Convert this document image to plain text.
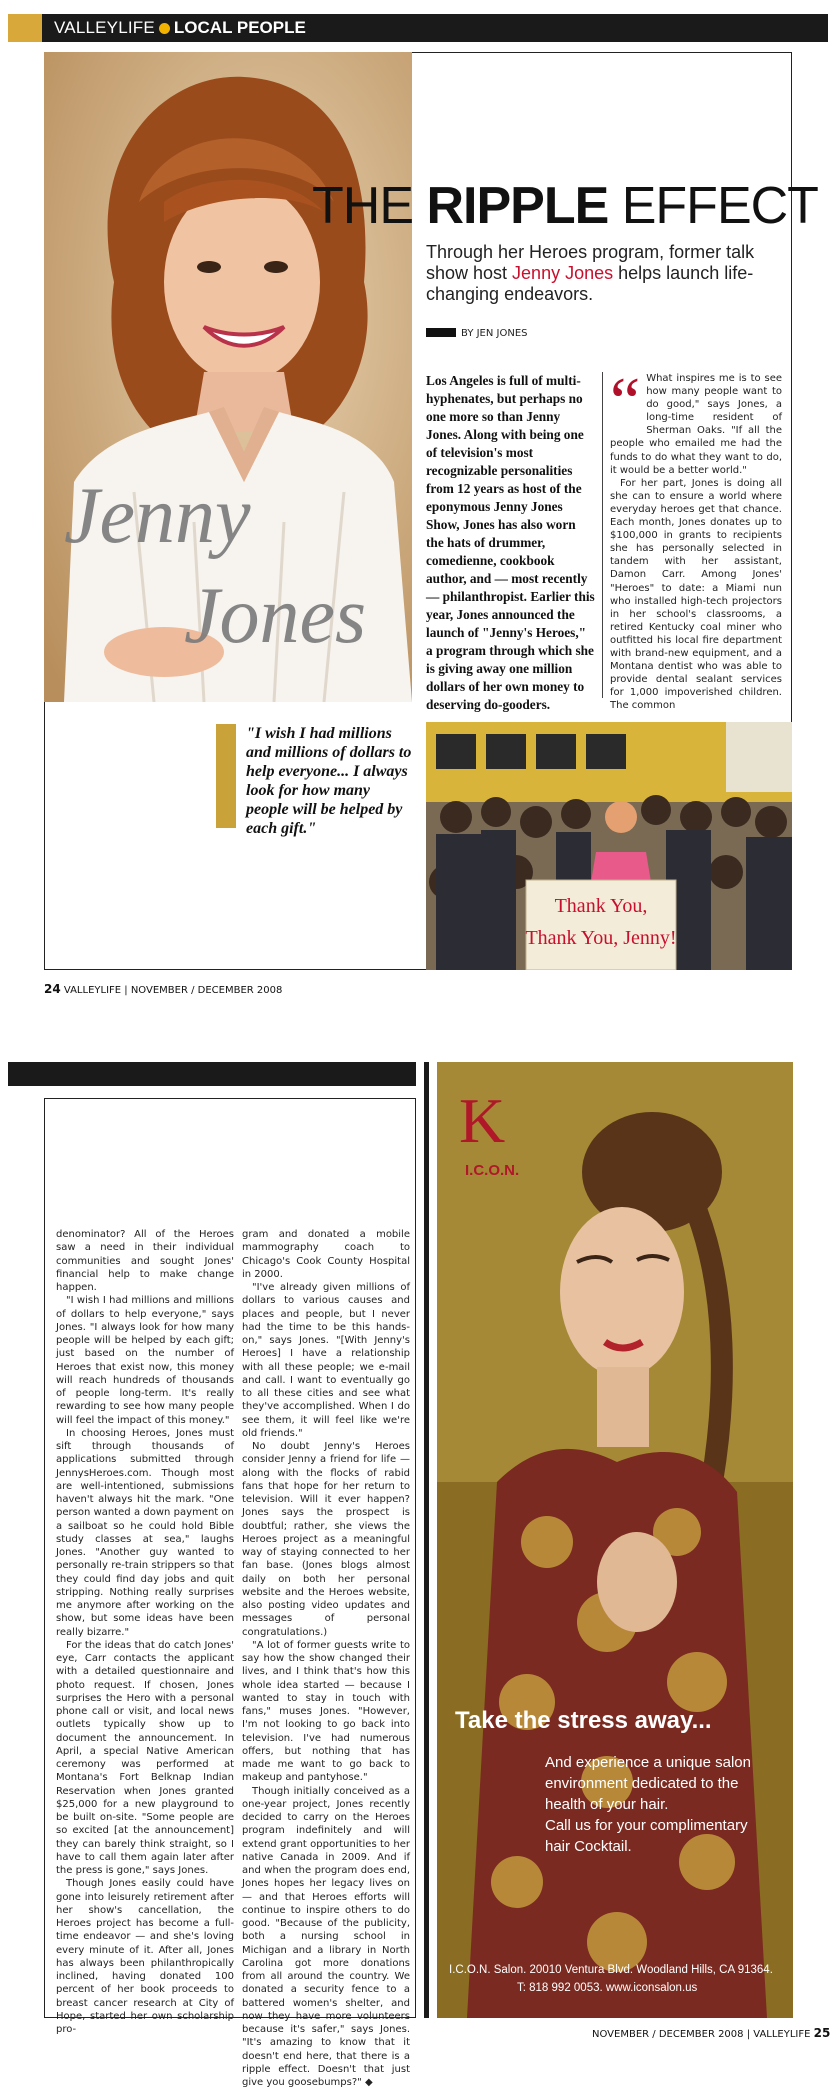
VALLEYLIFE LOCAL PEOPLE
Jenny
Jones
THE RIPPLE EFFECT
Through her Heroes program, former talk show host Jenny Jones helps launch life-changing endeavors.
BY JEN JONES
Los Angeles is full of multi-hyphenates, but perhaps no one more so than Jenny Jones. Along with being one of television's most recognizable personalities from 12 years as host of the eponymous Jenny Jones Show, Jones has also worn the hats of drummer, comedienne, cookbook author, and — most recently — philanthropist. Earlier this year, Jones announced the launch of "Jenny's Heroes," a program through which she is giving away one million dollars of her own money to deserving do-gooders.
“ What inspires me is to see how many people want to do good," says Jones, a long-time resident of Sherman Oaks. "If all the people who emailed me had the funds to do what they want to do, it would be a better world."

For her part, Jones is doing all she can to ensure a world where everyday heroes get that chance. Each month, Jones donates up to $100,000 in grants to recipients she has personally selected in tandem with her assistant, Damon Carr. Among Jones' "Heroes" to date: a Miami nun who installed high-tech projectors in her school's classrooms, a retired Kentucky coal miner who outfitted his local fire department with brand-new equipment, and a Montana dentist who was able to provide dental sealant services for 1,000 impoverished children. The common

"I wish I had millions and millions of dollars to help everyone... I always look for how many people will be helped by each gift."
Thank You,
Thank You, Jenny!
24 VALLEYLIFE | NOVEMBER / DECEMBER 2008

denominator? All of the Heroes saw a need in their individual communities and sought Jones' financial help to make change happen.

"I wish I had millions and millions of dollars to help everyone," says Jones. "I always look for how many people will be helped by each gift; just based on the number of Heroes that exist now, this money will reach hundreds of thousands of people long-term. It's really rewarding to see how many people will feel the impact of this money."

In choosing Heroes, Jones must sift through thousands of applications submitted through JennysHeroes.com. Though most are well-intentioned, submissions haven't always hit the mark. "One person wanted a down payment on a sailboat so he could hold Bible study classes at sea," laughs Jones. "Another guy wanted to personally re-train strippers so that they could find day jobs and quit stripping. Nothing really surprises me anymore after working on the show, but some ideas have been really bizarre."

For the ideas that do catch Jones' eye, Carr contacts the applicant with a detailed questionnaire and photo request. If chosen, Jones surprises the Hero with a personal phone call or visit, and local news outlets typically show up to document the announcement. In April, a special Native American ceremony was performed at Montana's Fort Belknap Indian Reservation when Jones granted $25,000 for a new playground to be built on-site. "Some people are so excited [at the announcement] they can barely think straight, so I have to call them again later after the press is gone," says Jones.

Though Jones easily could have gone into leisurely retirement after her show's cancellation, the Heroes project has become a full-time endeavor — and she's loving every minute of it. After all, Jones has always been philanthropically inclined, having donated 100 percent of her book proceeds to breast cancer research at City of Hope, started her own scholarship pro-

gram and donated a mobile mammography coach to Chicago's Cook County Hospital in 2000.

"I've already given millions of dollars to various causes and places and people, but I never had the time to be this hands-on," says Jones. "[With Jenny's Heroes] I have a relationship with all these people; we e-mail and call. I want to eventually go to all these cities and see what they've accomplished. When I do see them, it will feel like we're old friends."

No doubt Jenny's Heroes consider Jenny a friend for life — along with the flocks of rabid fans that hope for her return to television. Will it ever happen? Jones says the prospect is doubtful; rather, she views the Heroes project as a meaningful way of staying connected to her fan base. (Jones blogs almost daily on both her personal website and the Heroes website, also posting video updates and messages of personal congratulations.)

"A lot of former guests write to say how the show changed their lives, and I think that's how this whole idea started — because I wanted to stay in touch with fans," muses Jones. "However, I'm not looking to go back into television. I've had numerous offers, but nothing that has made me want to go back to makeup and pantyhose."

Though initially conceived as a one-year project, Jones recently decided to carry on the Heroes program indefinitely and will extend grant opportunities to her native Canada in 2009. And if and when the program does end, Jones hopes her legacy lives on — and that Heroes efforts will continue to inspire others to do good. "Because of the publicity, both a nursing school in Michigan and a library in North Carolina got more donations from all around the country. We donated a security fence to a battered women's shelter, and now they have more volunteers because it's safer," says Jones. "It's amazing to know that it doesn't end here, that there is a ripple effect. Doesn't that just give you goosebumps?" ◆

K
I.C.O.N.
Take the stress away...
And experience a unique salon
environment dedicated to the
health of your hair.
Call us for your complimentary
hair Cocktail.
I.C.O.N. Salon. 20010 Ventura Blvd. Woodland Hills, CA 91364.
T: 818 992 0053. www.iconsalon.us
NOVEMBER / DECEMBER 2008 | VALLEYLIFE 25
